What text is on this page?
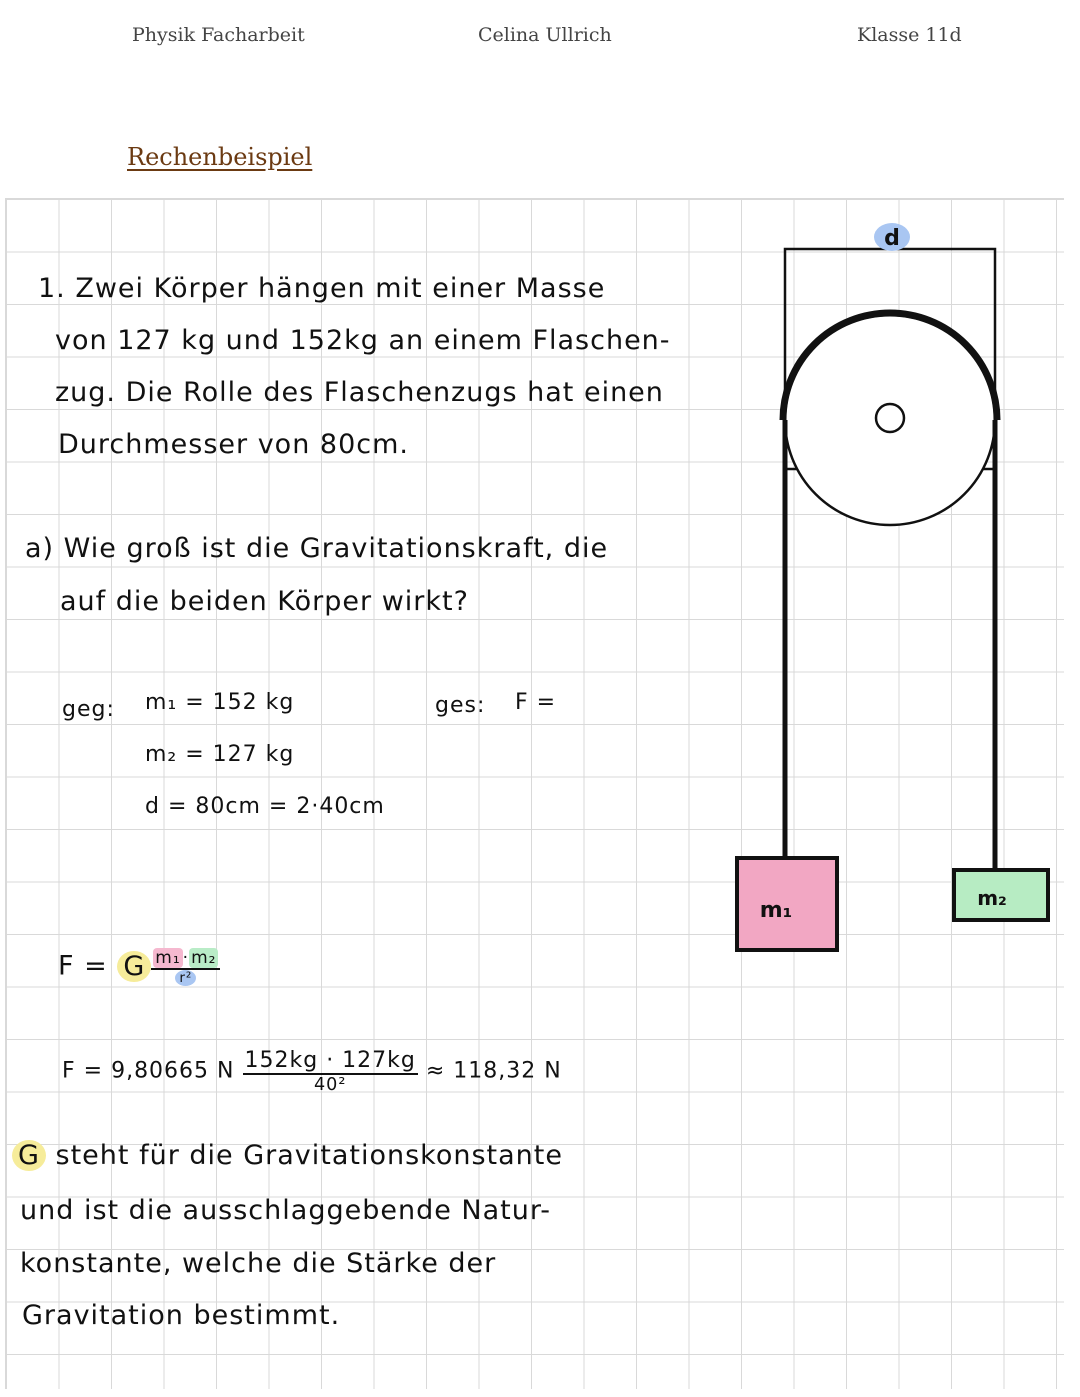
Physik Facharbeit	Celina Ullrich	Klasse 11d
Rechenbeispiel
1. Zwei Körper hängen mit einer Masse
von 127 kg und 152kg an einem Flaschen-
zug. Die Rolle des Flaschenzugs hat einen
Durchmesser von 80cm.
a) Wie groß ist die Gravitationskraft, die
auf die beiden Körper wirkt?
geg: m₁ = 152 kg
m₂ = 127 kg
d = 80cm = 2·40cm
ges: F =
F = G $\frac{\text{m₁ · m₂}}{\text{r²}}$
F = 9,80665 N $\frac{152kg \cdot 127kg}{\text{40²}} \approx 118,32$ N
G steht für die Gravitationskonstante
und ist die ausschlaggebende Natur-
konstante, welche die Stärke der
Gravitation bestimmt.
d
m₁	m₂
